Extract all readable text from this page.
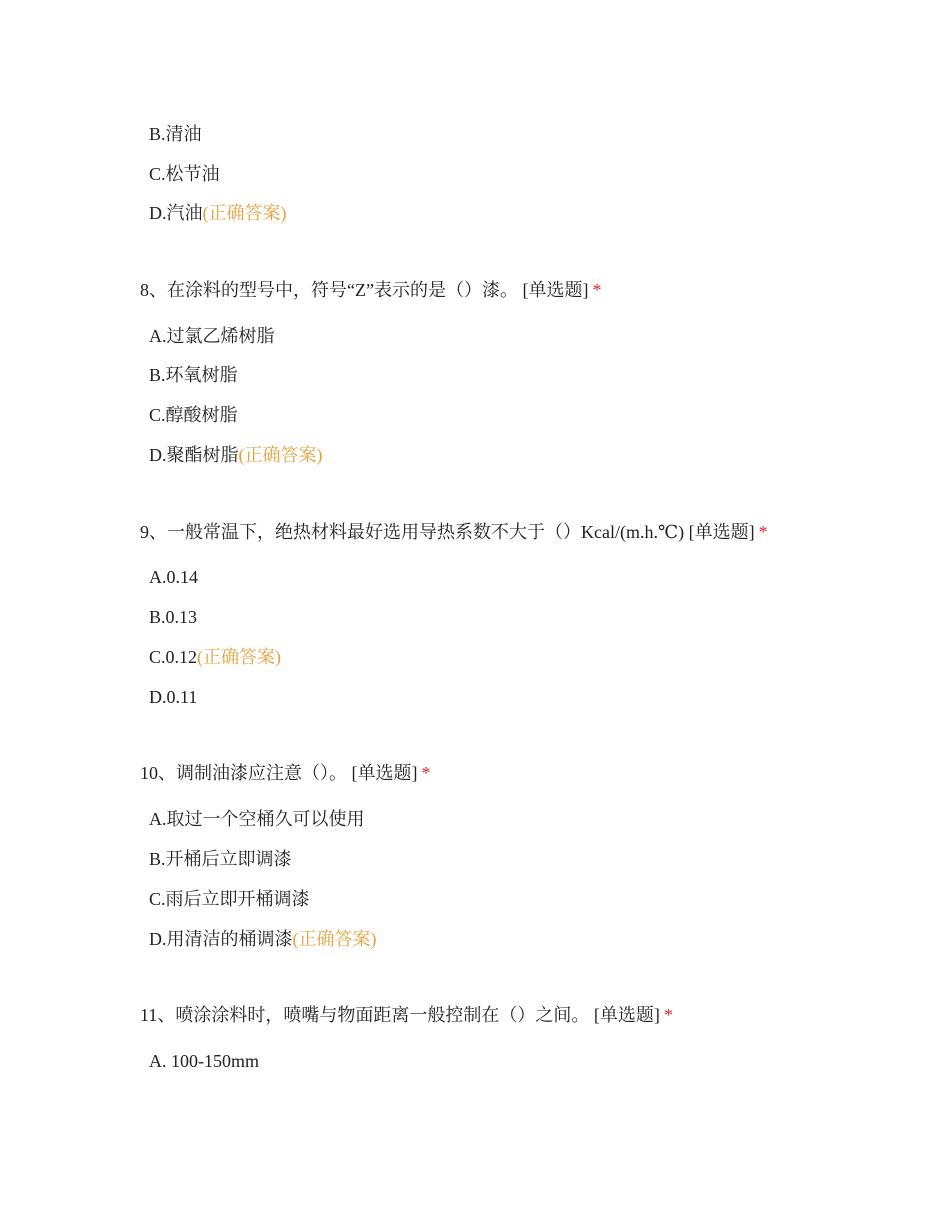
B.清油
C.松节油
D.汽油(正确答案)
8、在涂料的型号中，符号“Z”表示的是（）漆。 [单选题] *
A.过氯乙烯树脂
B.环氧树脂
C.醇酸树脂
D.聚酯树脂(正确答案)
9、一般常温下，绝热材料最好选用导热系数不大于（）Kcal/(m.h.℃) [单选题] *
A.0.14
B.0.13
C.0.12(正确答案)
D.0.11
10、调制油漆应注意（）。 [单选题] *
A.取过一个空桶久可以使用
B.开桶后立即调漆
C.雨后立即开桶调漆
D.用清洁的桶调漆(正确答案)
11、喷涂涂料时，喷嘴与物面距离一般控制在（）之间。 [单选题] *
A. 100-150mm
